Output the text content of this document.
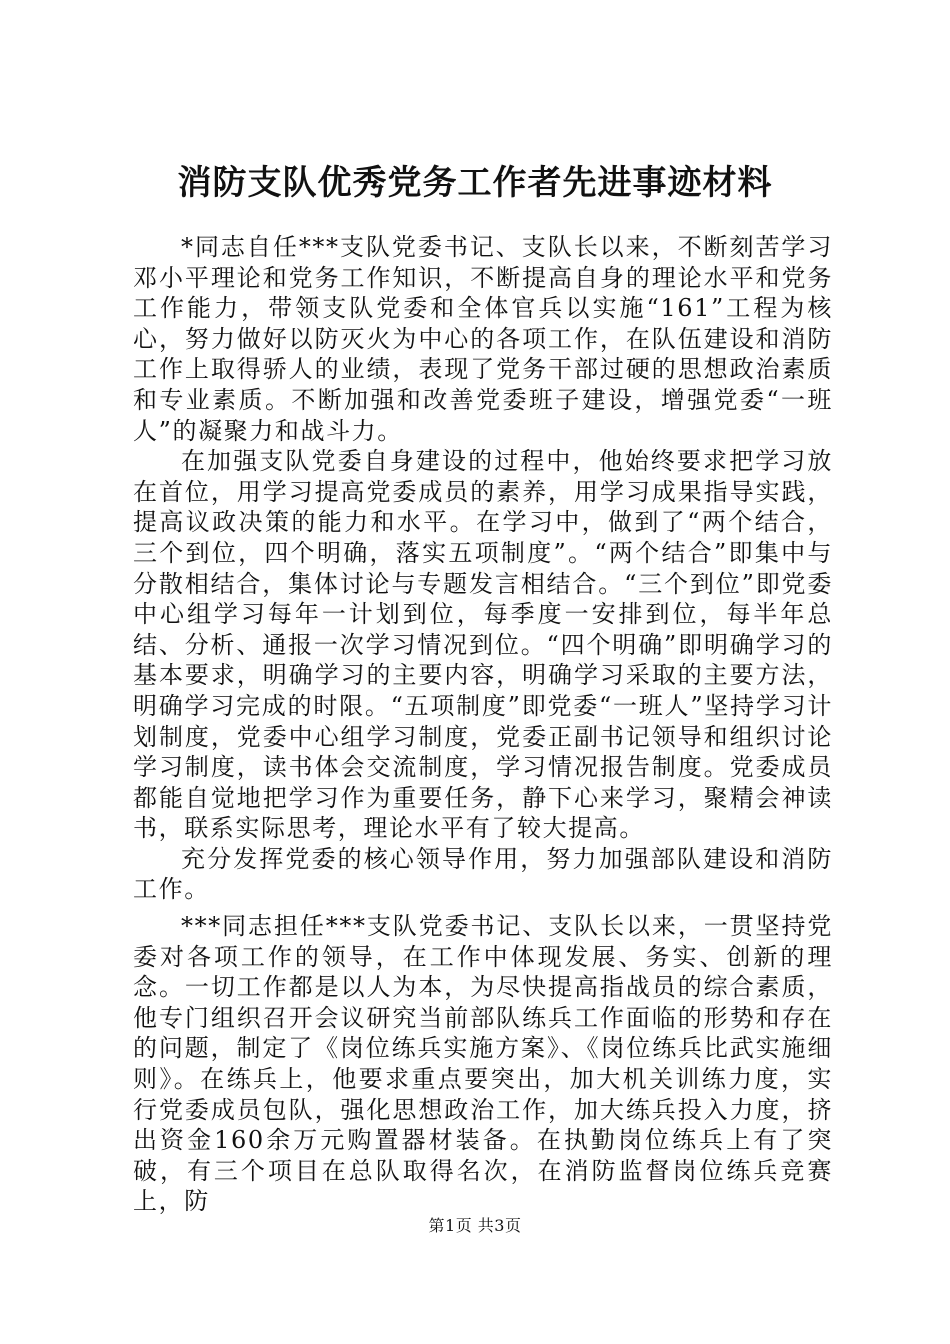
消防支队优秀党务工作者先进事迹材料

*同志自任***支队党委书记、支队长以来，不断刻苦学习邓小平理论和党务工作知识，不断提高自身的理论水平和党务工作能力，带领支队党委和全体官兵以实施“161”工程为核心，努力做好以防灭火为中心的各项工作，在队伍建设和消防工作上取得骄人的业绩，表现了党务干部过硬的思想政治素质和专业素质。不断加强和改善党委班子建设，增强党委“一班人”的凝聚力和战斗力。

在加强支队党委自身建设的过程中，他始终要求把学习放在首位，用学习提高党委成员的素养，用学习成果指导实践，提高议政决策的能力和水平。在学习中，做到了“两个结合，三个到位，四个明确，落实五项制度”。“两个结合”即集中与分散相结合，集体讨论与专题发言相结合。“三个到位”即党委中心组学习每年一计划到位，每季度一安排到位，每半年总结、分析、通报一次学习情况到位。“四个明确”即明确学习的基本要求，明确学习的主要内容，明确学习采取的主要方法，明确学习完成的时限。“五项制度”即党委“一班人”坚持学习计划制度，党委中心组学习制度，党委正副书记领导和组织讨论学习制度，读书体会交流制度，学习情况报告制度。党委成员都能自觉地把学习作为重要任务，静下心来学习，聚精会神读书，联系实际思考，理论水平有了较大提高。

充分发挥党委的核心领导作用，努力加强部队建设和消防工作。

***同志担任***支队党委书记、支队长以来，一贯坚持党委对各项工作的领导，在工作中体现发展、务实、创新的理念。一切工作都是以人为本，为尽快提高指战员的综合素质，他专门组织召开会议研究当前部队练兵工作面临的形势和存在的问题，制定了《岗位练兵实施方案》、《岗位练兵比武实施细则》。在练兵上，他要求重点要突出，加大机关训练力度，实行党委成员包队，强化思想政治工作，加大练兵投入力度，挤出资金160余万元购置器材装备。在执勤岗位练兵上有了突破，有三个项目在总队取得名次，在消防监督岗位练兵竞赛上，防

第1页 共3页
